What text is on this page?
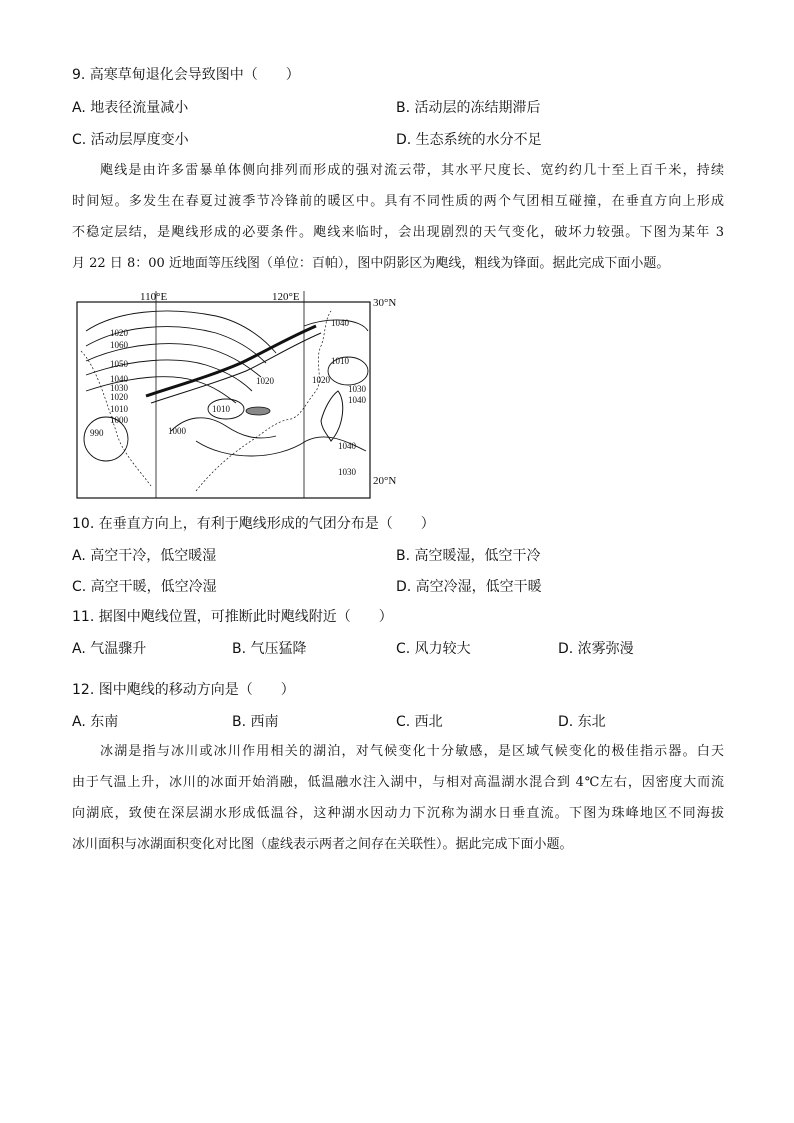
9. 高寒草甸退化会导致图中（　　）
A. 地表径流量减小	B. 活动层的冻结期滞后
C. 活动层厚度变小	D. 生态系统的水分不足
飑线是由许多雷暴单体侧向排列而形成的强对流云带，其水平尺度长、宽约约几十至上百千米，持续
时间短。多发生在春夏过渡季节冷锋前的暖区中。具有不同性质的两个气团相互碰撞，在垂直方向上形成
不稳定层结，是飑线形成的必要条件。飑线来临时，会出现剧烈的天气变化，破坏力较强。下图为某年 3
月 22 日 8：00 近地面等压线图（单位：百帕），图中阴影区为飑线，粗线为锋面。据此完成下面小题。
110°E	120°E	30°N
20°N
1020
1060
1050
1040
1030
1020
1010
1000
990	1000
1010
1020	1020
1040
1010
1030
1040
1040
1030
10. 在垂直方向上，有利于飑线形成的气团分布是（　　）
A. 高空干冷，低空暖湿	B. 高空暖湿，低空干冷
C. 高空干暖，低空冷湿	D. 高空冷湿，低空干暖
11. 据图中飑线位置，可推断此时飑线附近（　　）
A. 气温骤升	B. 气压猛降	C. 风力较大	D. 浓雾弥漫
12. 图中飑线的移动方向是（　　）
A. 东南	B. 西南	C. 西北	D. 东北
冰湖是指与冰川或冰川作用相关的湖泊，对气候变化十分敏感，是区域气候变化的极佳指示器。白天
由于气温上升，冰川的冰面开始消融，低温融水注入湖中，与相对高温湖水混合到 4℃左右，因密度大而流
向湖底，致使在深层湖水形成低温谷，这种湖水因动力下沉称为湖水日垂直流。下图为珠峰地区不同海拔
冰川面积与冰湖面积变化对比图（虚线表示两者之间存在关联性）。据此完成下面小题。
